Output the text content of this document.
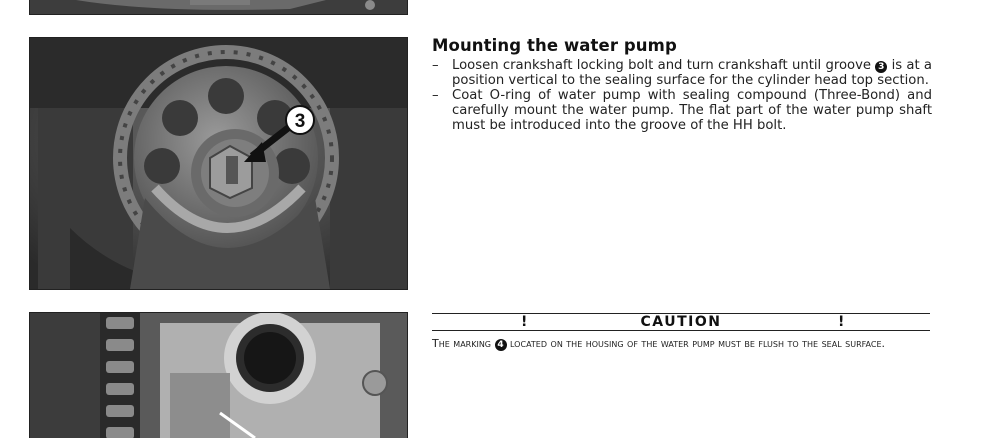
3
Mounting the water pump
– Loosen crankshaft locking bolt and turn crankshaft until groove 3 is at a position vertical to the sealing surface for the cylinder head top section.
– Coat O-ring of water pump with sealing compound (Three-Bond) and carefully mount the water pump. The flat part of the water pump shaft must be introduced into the groove of the HH bolt.
!	CAUTION	!

The marking 4 located on the housing of the water pump must be flush to the seal surface.
